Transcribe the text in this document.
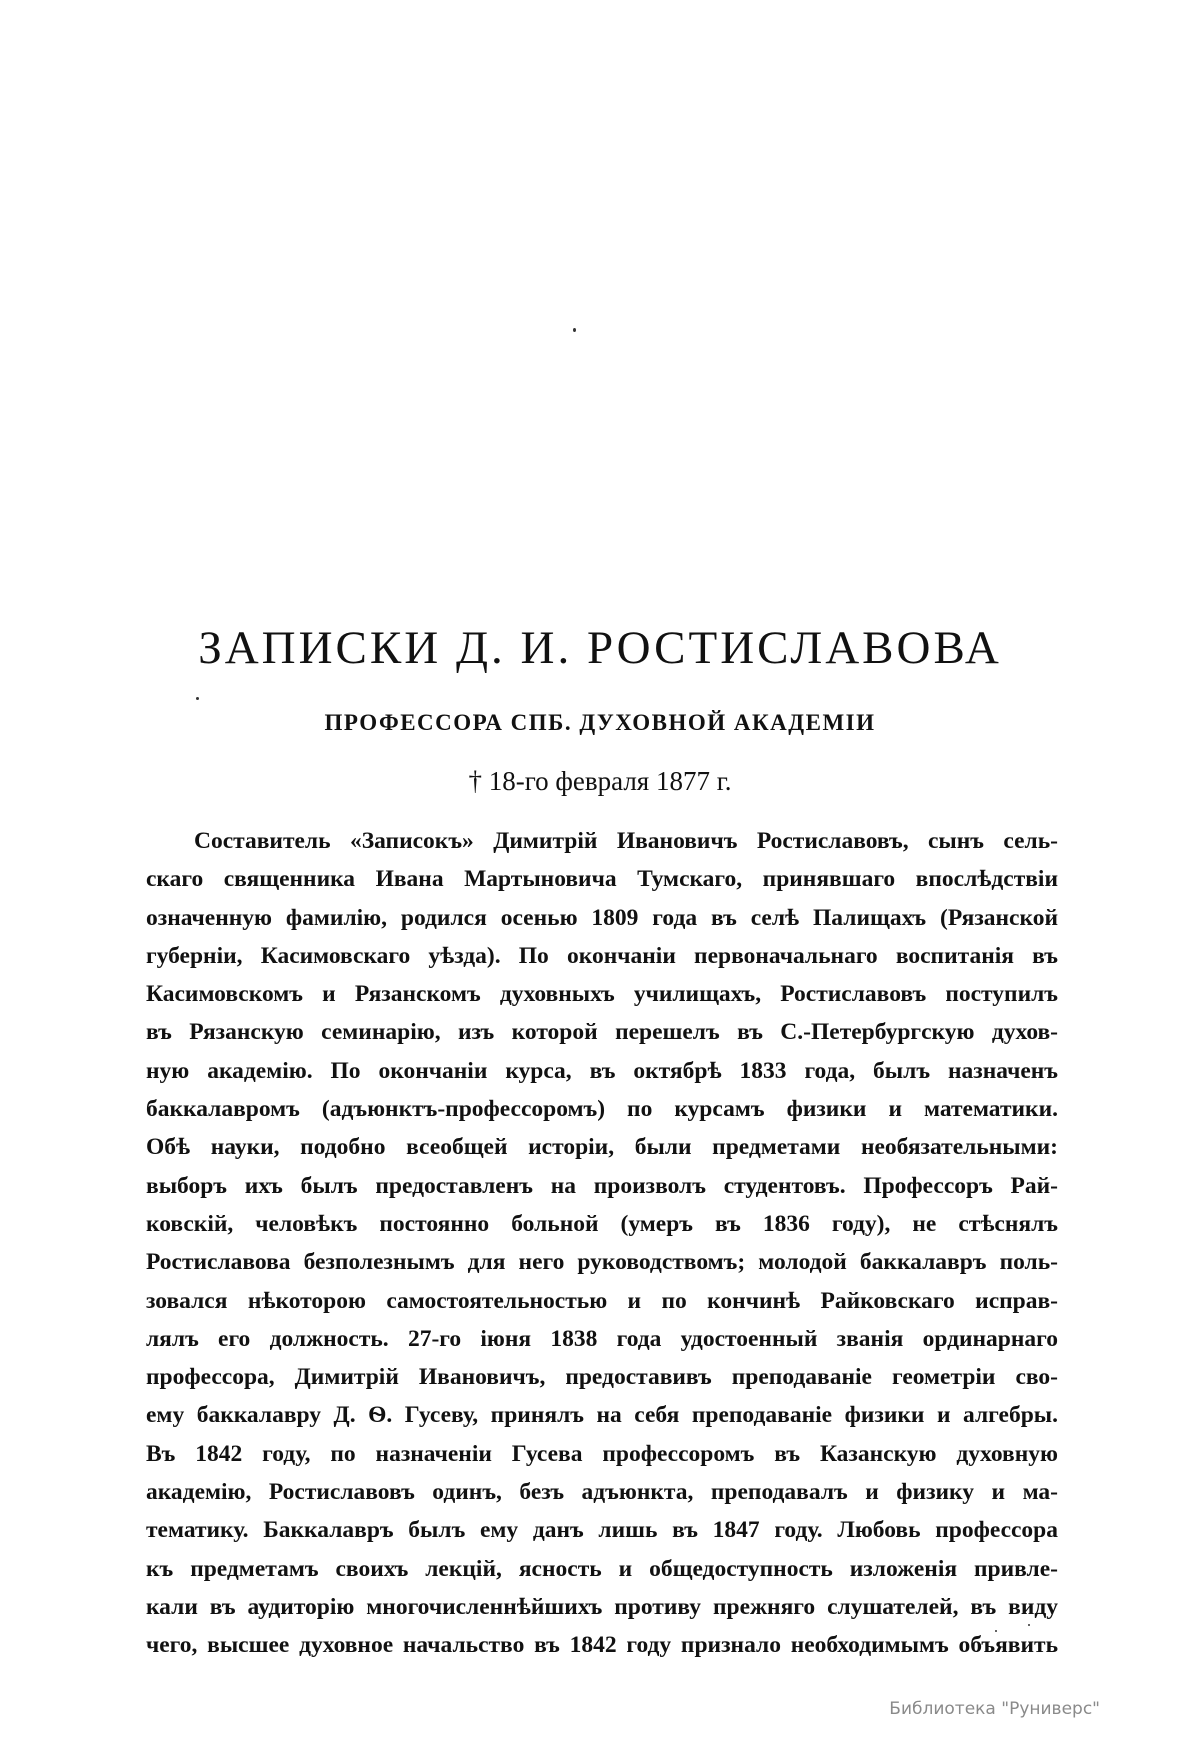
ЗАПИСКИ Д. И. РОСТИСЛАВОВА
ПРОФЕССОРА СПБ. ДУХОВНОЙ АКАДЕМІИ

† 18-го февраля 1877 г.

Составитель «Записокъ» Димитрій Ивановичъ Ростиславовъ, сынъ сель-
скаго священника Ивана Мартыновича Тумскаго, принявшаго впослѣдствіи
означенную фамилію, родился осенью 1809 года въ селѣ Палищахъ (Рязанской
губерніи, Касимовскаго уѣзда). По окончаніи первоначальнаго воспитанія въ
Касимовскомъ и Рязанскомъ духовныхъ училищахъ, Ростиславовъ поступилъ
въ Рязанскую семинарію, изъ которой перешелъ въ С.-Петербургскую духов-
ную академію. По окончаніи курса, въ октябрѣ 1833 года, былъ назначенъ
баккалавромъ (адъюнктъ-профессоромъ) по курсамъ физики и математики.
Обѣ науки, подобно всеобщей исторіи, были предметами необязательными:
выборъ ихъ былъ предоставленъ на произволъ студентовъ. Профессоръ Рай-
ковскій, человѣкъ постоянно больной (умеръ въ 1836 году), не стѣснялъ
Ростиславова безполезнымъ для него руководствомъ; молодой баккалавръ поль-
зовался нѣкоторою самостоятельностью и по кончинѣ Райковскаго исправ-
лялъ его должность. 27-го іюня 1838 года удостоенный званія ординарнаго
профессора, Димитрій Ивановичъ, предоставивъ преподаваніе геометріи сво-
ему баккалавру Д. Ѳ. Гусеву, принялъ на себя преподаваніе физики и алгебры.
Въ 1842 году, по назначеніи Гусева профессоромъ въ Казанскую духовную
академію, Ростиславовъ одинъ, безъ адъюнкта, преподавалъ и физику и ма-
тематику. Баккалавръ былъ ему данъ лишь въ 1847 году. Любовь профессора
къ предметамъ своихъ лекцій, ясность и общедоступность изложенія привле-
кали въ аудиторію многочисленнѣйшихъ противу прежняго слушателей, въ виду
чего, высшее духовное начальство въ 1842 году признало необходимымъ объявить

Библиотека "Руниверс"
